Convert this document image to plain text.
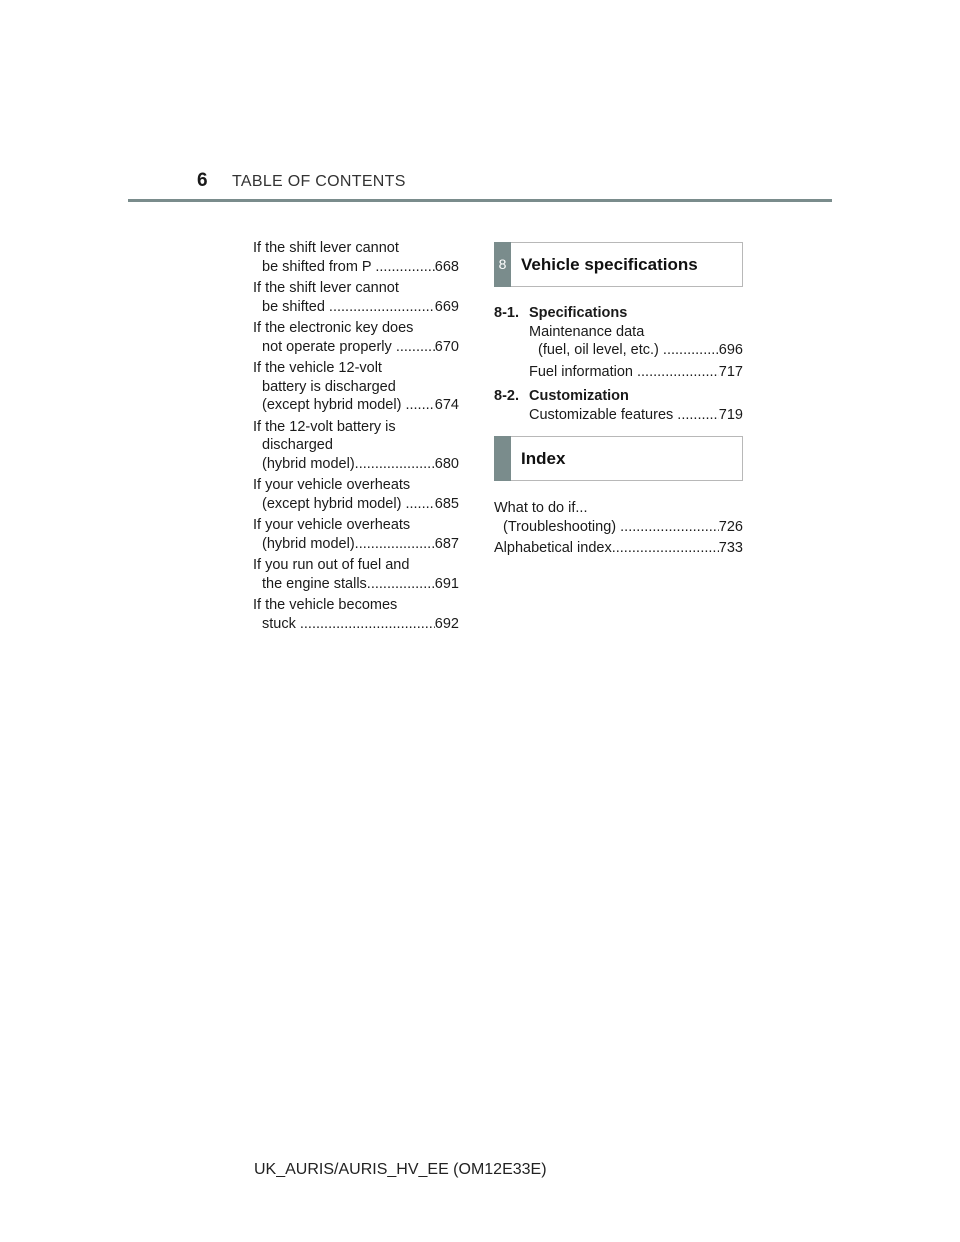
6 TABLE OF CONTENTS
If the shift lever cannot
be shifted from P .....	668
If the shift lever cannot
be shifted .....	669
If the electronic key does
not operate properly .....	670
If the vehicle 12-volt
battery is discharged
(except hybrid model) ..... 674
If the 12-volt battery is
discharged
(hybrid model) .....	680
If your vehicle overheats
(except hybrid model) ..... 685
If your vehicle overheats
(hybrid model) .....	687
If you run out of fuel and
the engine stalls .....	691
If the vehicle becomes
stuck .....	692
8 Vehicle specifications
8-1. Specifications
Maintenance data
(fuel, oil level, etc.) .....	696
Fuel information .....	717
8-2. Customization
Customizable features .....	719
Index
What to do if...
(Troubleshooting) .....	726
Alphabetical index .....	733
UK_AURIS/AURIS_HV_EE (OM12E33E)
